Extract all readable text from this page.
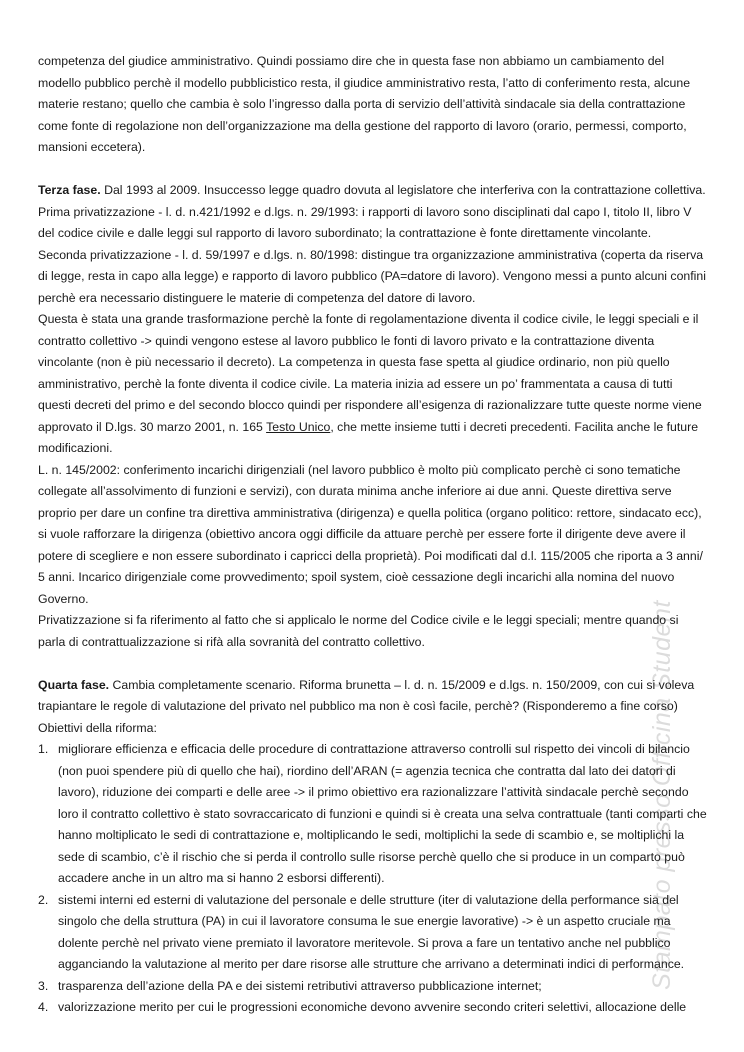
Stampato presso Officina Student
competenza del giudice amministrativo. Quindi possiamo dire che in questa fase non abbiamo un cambiamento del
modello pubblico perchè il modello pubblicistico resta, il giudice amministrativo resta, l’atto di conferimento resta, alcune
materie restano; quello che cambia è solo l’ingresso dalla porta di servizio dell’attività sindacale sia della contrattazione
come fonte di regolazione non dell’organizzazione ma della gestione del rapporto di lavoro (orario, permessi, comporto,
mansioni eccetera).
Terza fase. Dal 1993 al 2009. Insuccesso legge quadro dovuta al legislatore che interferiva con la contrattazione collettiva.
Prima privatizzazione - l. d. n.421/1992 e d.lgs. n. 29/1993: i rapporti di lavoro sono disciplinati dal capo I, titolo II, libro V
del codice civile e dalle leggi sul rapporto di lavoro subordinato; la contrattazione è fonte direttamente vincolante.
Seconda privatizzazione - l. d. 59/1997 e d.lgs. n. 80/1998: distingue tra organizzazione amministrativa (coperta da riserva
di legge, resta in capo alla legge) e rapporto di lavoro pubblico (PA=datore di lavoro). Vengono messi a punto alcuni confini
perchè era necessario distinguere le materie di competenza del datore di lavoro.
Questa è stata una grande trasformazione perchè la fonte di regolamentazione diventa il codice civile, le leggi speciali e il
contratto collettivo -> quindi vengono estese al lavoro pubblico le fonti di lavoro privato e la contrattazione diventa
vincolante (non è più necessario il decreto). La competenza in questa fase spetta al giudice ordinario, non più quello
amministrativo, perchè la fonte diventa il codice civile. La materia inizia ad essere un po’ frammentata a causa di tutti
questi decreti del primo e del secondo blocco quindi per rispondere all’esigenza di razionalizzare tutte queste norme viene
approvato il D.lgs. 30 marzo 2001, n. 165 Testo Unico, che mette insieme tutti i decreti precedenti. Facilita anche le future
modificazioni.
L. n. 145/2002: conferimento incarichi dirigenziali (nel lavoro pubblico è molto più complicato perchè ci sono tematiche
collegate all’assolvimento di funzioni e servizi), con durata minima anche inferiore ai due anni. Queste direttiva serve
proprio per dare un confine tra direttiva amministrativa (dirigenza) e quella politica (organo politico: rettore, sindacato ecc),
si vuole rafforzare la dirigenza (obiettivo ancora oggi difficile da attuare perchè per essere forte il dirigente deve avere il
potere di scegliere e non essere subordinato i capricci della proprietà). Poi modificati dal d.l. 115/2005 che riporta a 3 anni/
5 anni. Incarico dirigenziale come provvedimento; spoil system, cioè cessazione degli incarichi alla nomina del nuovo
Governo.
Privatizzazione si fa riferimento al fatto che si applicalo le norme del Codice civile e le leggi speciali; mentre quando si
parla di contrattualizzazione si rifà alla sovranità del contratto collettivo.
Quarta fase. Cambia completamente scenario. Riforma brunetta – l. d. n. 15/2009 e d.lgs. n. 150/2009, con cui si voleva
trapiantare le regole di valutazione del privato nel pubblico ma non è così facile, perchè? (Risponderemo a fine corso)
Obiettivi della riforma:
1. migliorare efficienza e efficacia delle procedure di contrattazione attraverso controlli sul rispetto dei vincoli di bilancio
(non puoi spendere più di quello che hai), riordino dell’ARAN (= agenzia tecnica che contratta dal lato dei datori di
lavoro), riduzione dei comparti e delle aree -> il primo obiettivo era razionalizzare l’attività sindacale perchè secondo
loro il contratto collettivo è stato sovraccaricato di funzioni e quindi si è creata una selva contrattuale (tanti comparti che
hanno moltiplicato le sedi di contrattazione e, moltiplicando le sedi, moltiplichi la sede di scambio e, se moltiplichi la
sede di scambio, c’è il rischio che si perda il controllo sulle risorse perchè quello che si produce in un comparto può
accadere anche in un altro ma si hanno 2 esborsi differenti).
2. sistemi interni ed esterni di valutazione del personale e delle strutture (iter di valutazione della performance sia del
singolo che della struttura (PA) in cui il lavoratore consuma le sue energie lavorative) -> è un aspetto cruciale ma
dolente perchè nel privato viene premiato il lavoratore meritevole. Si prova a fare un tentativo anche nel pubblico
agganciando la valutazione al merito per dare risorse alle strutture che arrivano a determinati indici di performance.
3. trasparenza dell’azione della PA e dei sistemi retributivi attraverso pubblicazione internet;
4. valorizzazione merito per cui le progressioni economiche devono avvenire secondo criteri selettivi, allocazione delle
